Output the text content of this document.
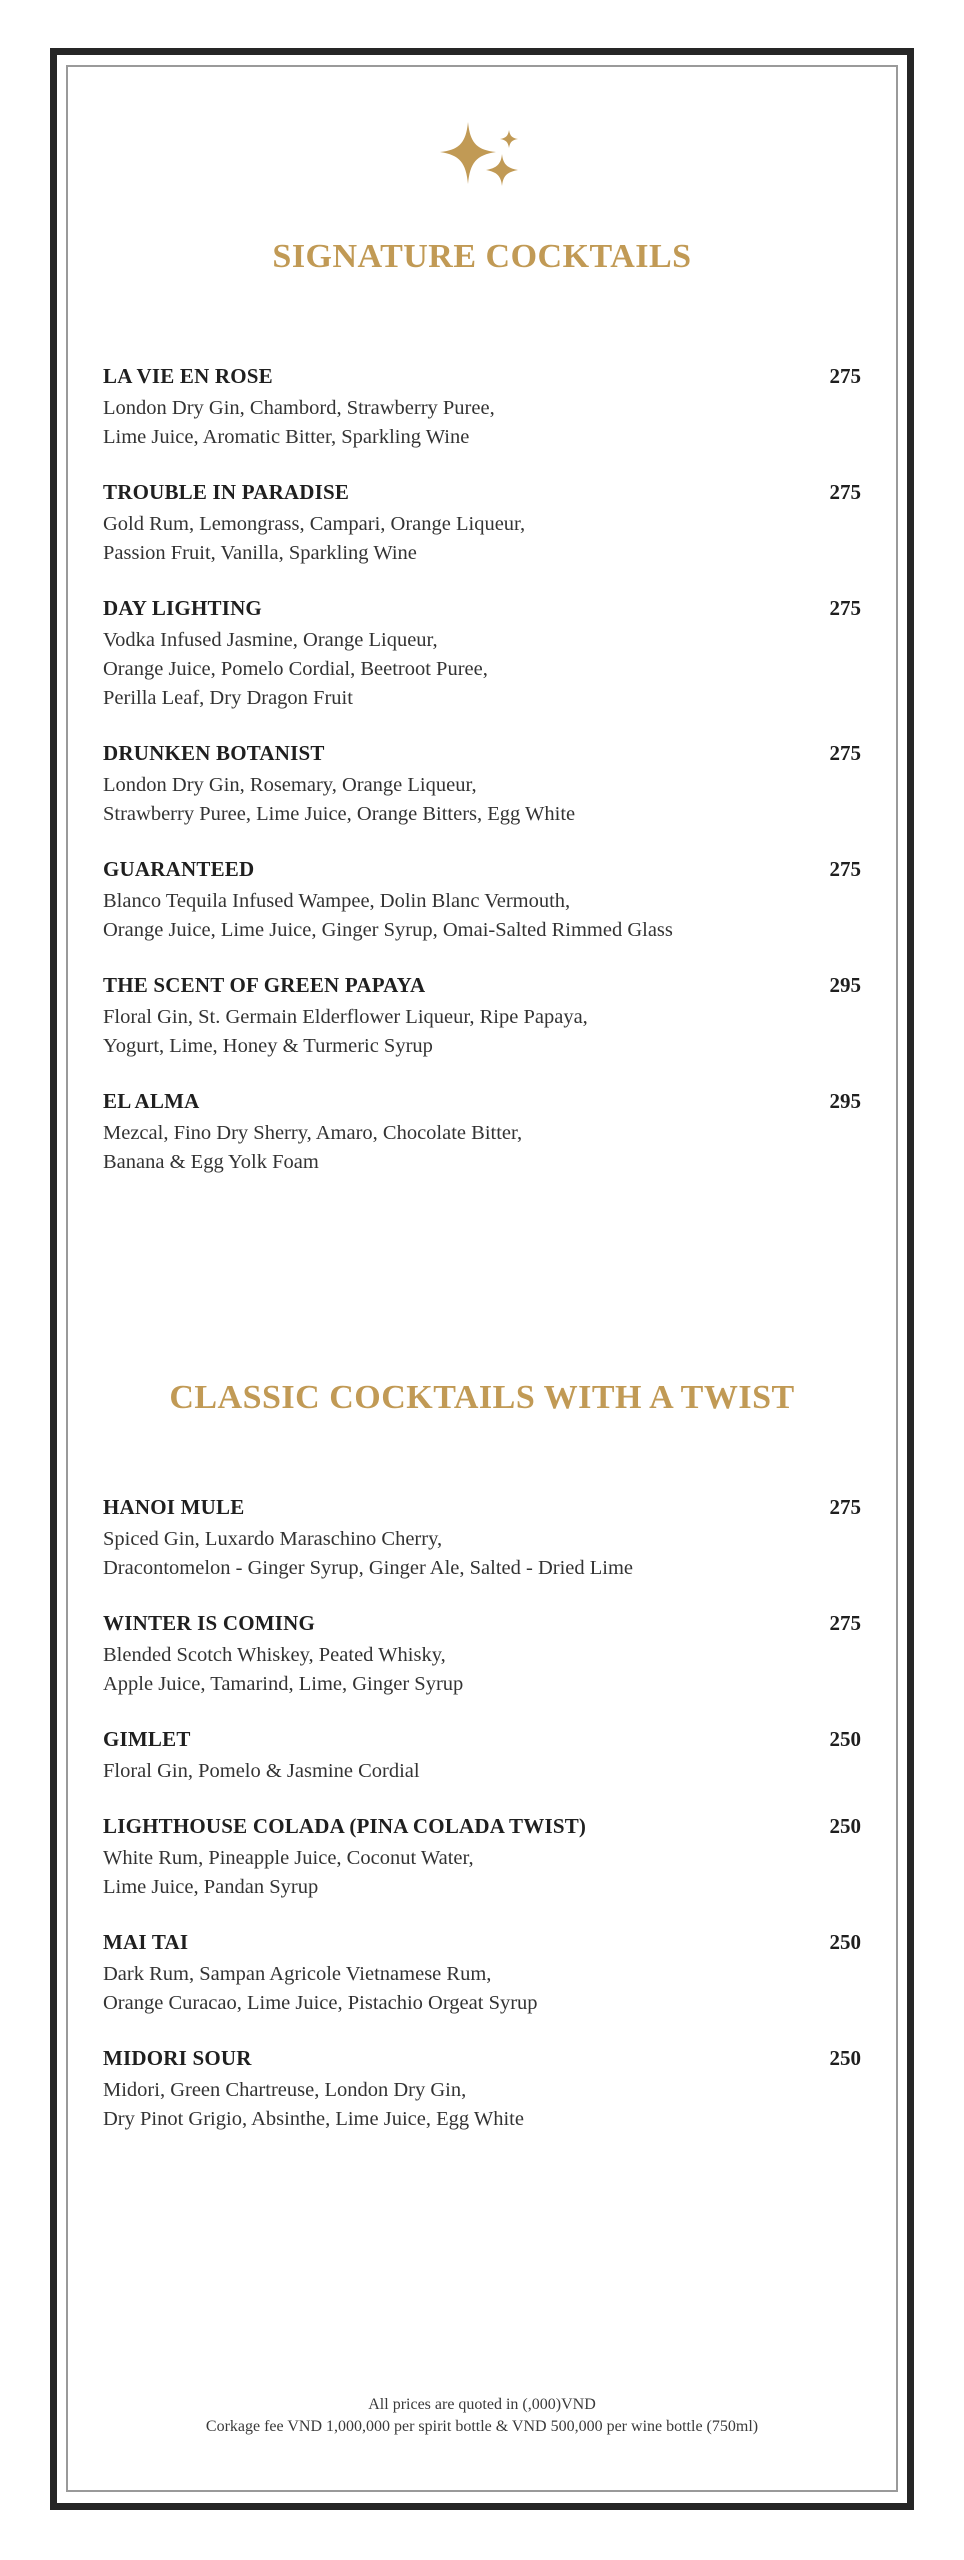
SIGNATURE COCKTAILS
LA VIE EN ROSE	275
London Dry Gin, Chambord, Strawberry Puree,
Lime Juice, Aromatic Bitter, Sparkling Wine
TROUBLE IN PARADISE	275
Gold Rum, Lemongrass, Campari, Orange Liqueur,
Passion Fruit, Vanilla, Sparkling Wine
DAY LIGHTING	275
Vodka Infused Jasmine, Orange Liqueur,
Orange Juice, Pomelo Cordial, Beetroot Puree,
Perilla Leaf, Dry Dragon Fruit
DRUNKEN BOTANIST	275
London Dry Gin, Rosemary, Orange Liqueur,
Strawberry Puree, Lime Juice, Orange Bitters, Egg White
GUARANTEED	275
Blanco Tequila Infused Wampee, Dolin Blanc Vermouth,
Orange Juice, Lime Juice, Ginger Syrup, Omai-Salted Rimmed Glass
THE SCENT OF GREEN PAPAYA	295
Floral Gin, St. Germain Elderflower Liqueur, Ripe Papaya,
Yogurt, Lime, Honey & Turmeric Syrup
EL ALMA	295
Mezcal, Fino Dry Sherry, Amaro, Chocolate Bitter,
Banana & Egg Yolk Foam
CLASSIC COCKTAILS WITH A TWIST
HANOI MULE	275
Spiced Gin, Luxardo Maraschino Cherry,
Dracontomelon - Ginger Syrup, Ginger Ale, Salted - Dried Lime
WINTER IS COMING	275
Blended Scotch Whiskey, Peated Whisky,
Apple Juice, Tamarind, Lime, Ginger Syrup
GIMLET	250
Floral Gin, Pomelo & Jasmine Cordial
LIGHTHOUSE COLADA (PINA COLADA TWIST)	250
White Rum, Pineapple Juice, Coconut Water,
Lime Juice, Pandan Syrup
MAI TAI	250
Dark Rum, Sampan Agricole Vietnamese Rum,
Orange Curacao, Lime Juice, Pistachio Orgeat Syrup
MIDORI SOUR	250
Midori, Green Chartreuse, London Dry Gin,
Dry Pinot Grigio, Absinthe, Lime Juice, Egg White
All prices are quoted in (,000)VND
Corkage fee VND 1,000,000 per spirit bottle & VND 500,000 per wine bottle (750ml)
